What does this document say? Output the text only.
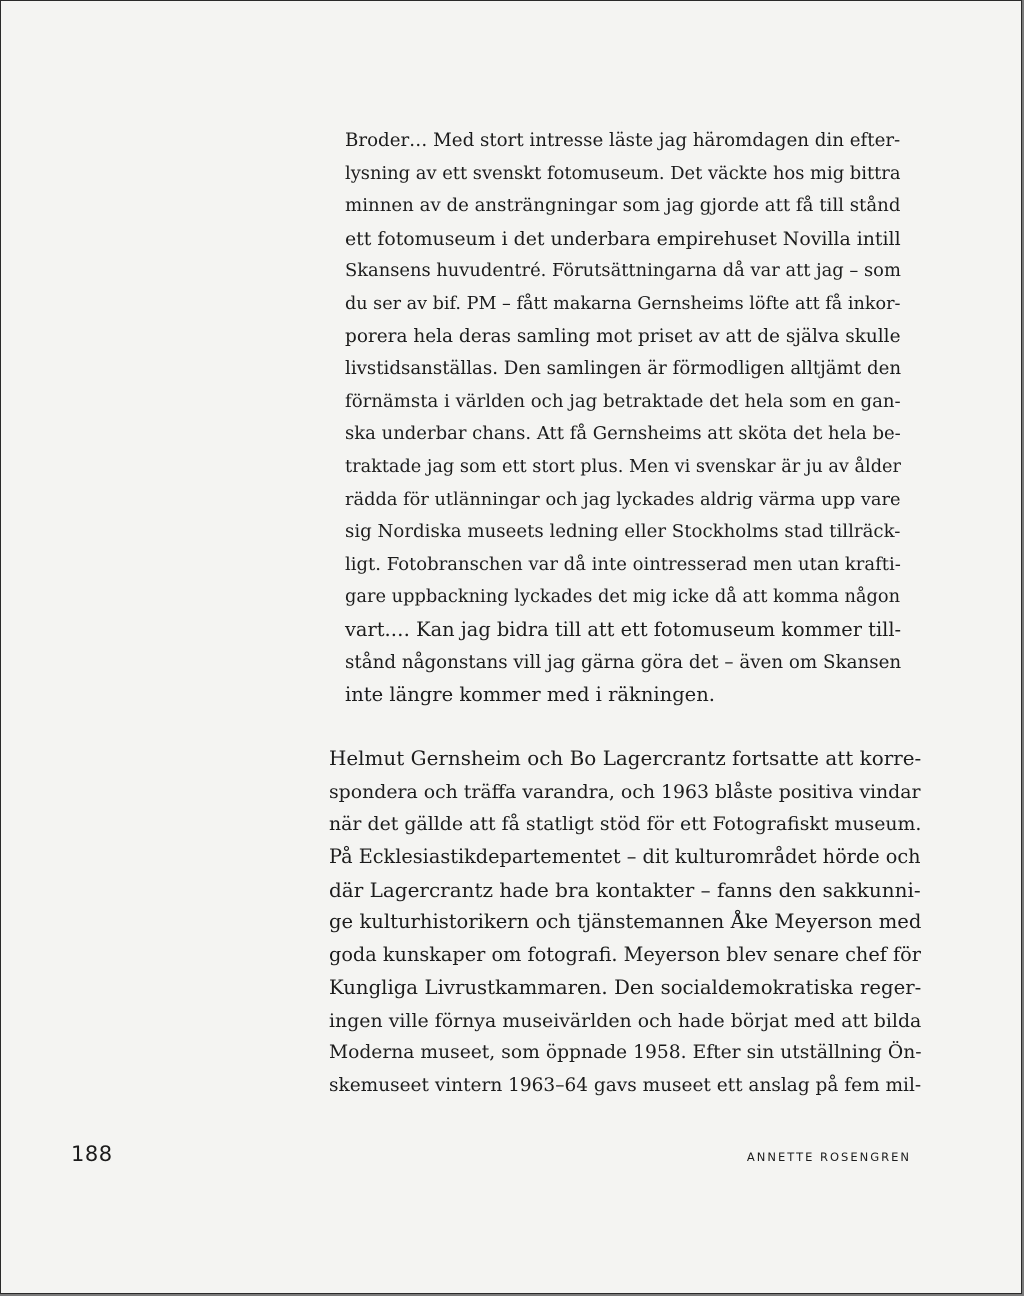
Broder… Med stort intresse läste jag häromdagen din efter-
lysning av ett svenskt fotomuseum. Det väckte hos mig bittra
minnen av de ansträngningar som jag gjorde att få till stånd
ett fotomuseum i det underbara empirehuset Novilla intill
Skansens huvudentré. Förutsättningarna då var att jag – som
du ser av bif. PM – fått makarna Gernsheims löfte att få inkor-
porera hela deras samling mot priset av att de själva skulle
livstidsanställas. Den samlingen är förmodligen alltjämt den
förnämsta i världen och jag betraktade det hela som en gan-
ska underbar chans. Att få Gernsheims att sköta det hela be-
traktade jag som ett stort plus. Men vi svenskar är ju av ålder
rädda för utlänningar och jag lyckades aldrig värma upp vare
sig Nordiska museets ledning eller Stockholms stad tillräck-
ligt. Fotobranschen var då inte ointresserad men utan krafti-
gare uppbackning lyckades det mig icke då att komma någon
vart.… Kan jag bidra till att ett fotomuseum kommer till-
stånd någonstans vill jag gärna göra det – även om Skansen
inte längre kommer med i räkningen.
Helmut Gernsheim och Bo Lagercrantz fortsatte att korre-
spondera och träffa varandra, och 1963 blåste positiva vindar
när det gällde att få statligt stöd för ett Fotografiskt museum.
På Ecklesiastikdepartementet – dit kulturområdet hörde och
där Lagercrantz hade bra kontakter – fanns den sakkunni-
ge kulturhistorikern och tjänstemannen Åke Meyerson med
goda kunskaper om fotografi. Meyerson blev senare chef för
Kungliga Livrustkammaren. Den socialdemokratiska reger-
ingen ville förnya museivärlden och hade börjat med att bilda
Moderna museet, som öppnade 1958. Efter sin utställning Ön-
skemuseet vintern 1963–64 gavs museet ett anslag på fem mil-
188	ANNETTE ROSENGREN
